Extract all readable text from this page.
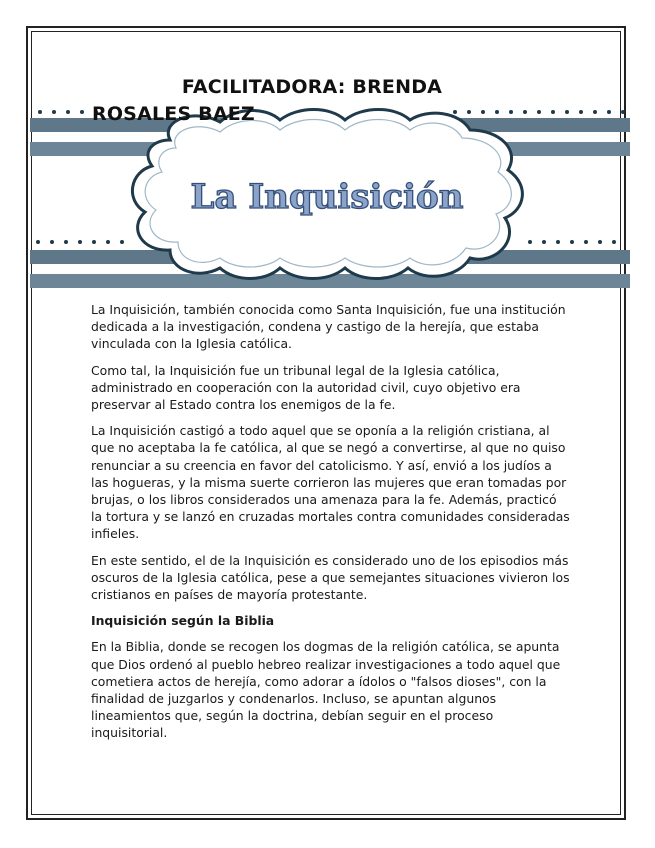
La Inquisición
FACILITADORA: BRENDA
ROSALES BAEZ

La Inquisición, también conocida como Santa Inquisición, fue una institución dedicada a la investigación, condena y castigo de la herejía, que estaba vinculada con la Iglesia católica.

Como tal, la Inquisición fue un tribunal legal de la Iglesia católica, administrado en cooperación con la autoridad civil, cuyo objetivo era preservar al Estado contra los enemigos de la fe.

La Inquisición castigó a todo aquel que se oponía a la religión cristiana, al que no aceptaba la fe católica, al que se negó a convertirse, al que no quiso renunciar a su creencia en favor del catolicismo. Y así, envió a los judíos a las hogueras, y la misma suerte corrieron las mujeres que eran tomadas por brujas, o los libros considerados una amenaza para la fe. Además, practicó la tortura y se lanzó en cruzadas mortales contra comunidades consideradas infieles.

En este sentido, el de la Inquisición es considerado uno de los episodios más oscuros de la Iglesia católica, pese a que semejantes situaciones vivieron los cristianos en países de mayoría protestante.

Inquisición según la Biblia

En la Biblia, donde se recogen los dogmas de la religión católica, se apunta que Dios ordenó al pueblo hebreo realizar investigaciones a todo aquel que cometiera actos de herejía, como adorar a ídolos o "falsos dioses", con la finalidad de juzgarlos y condenarlos. Incluso, se apuntan algunos lineamientos que, según la doctrina, debían seguir en el proceso inquisitorial.
